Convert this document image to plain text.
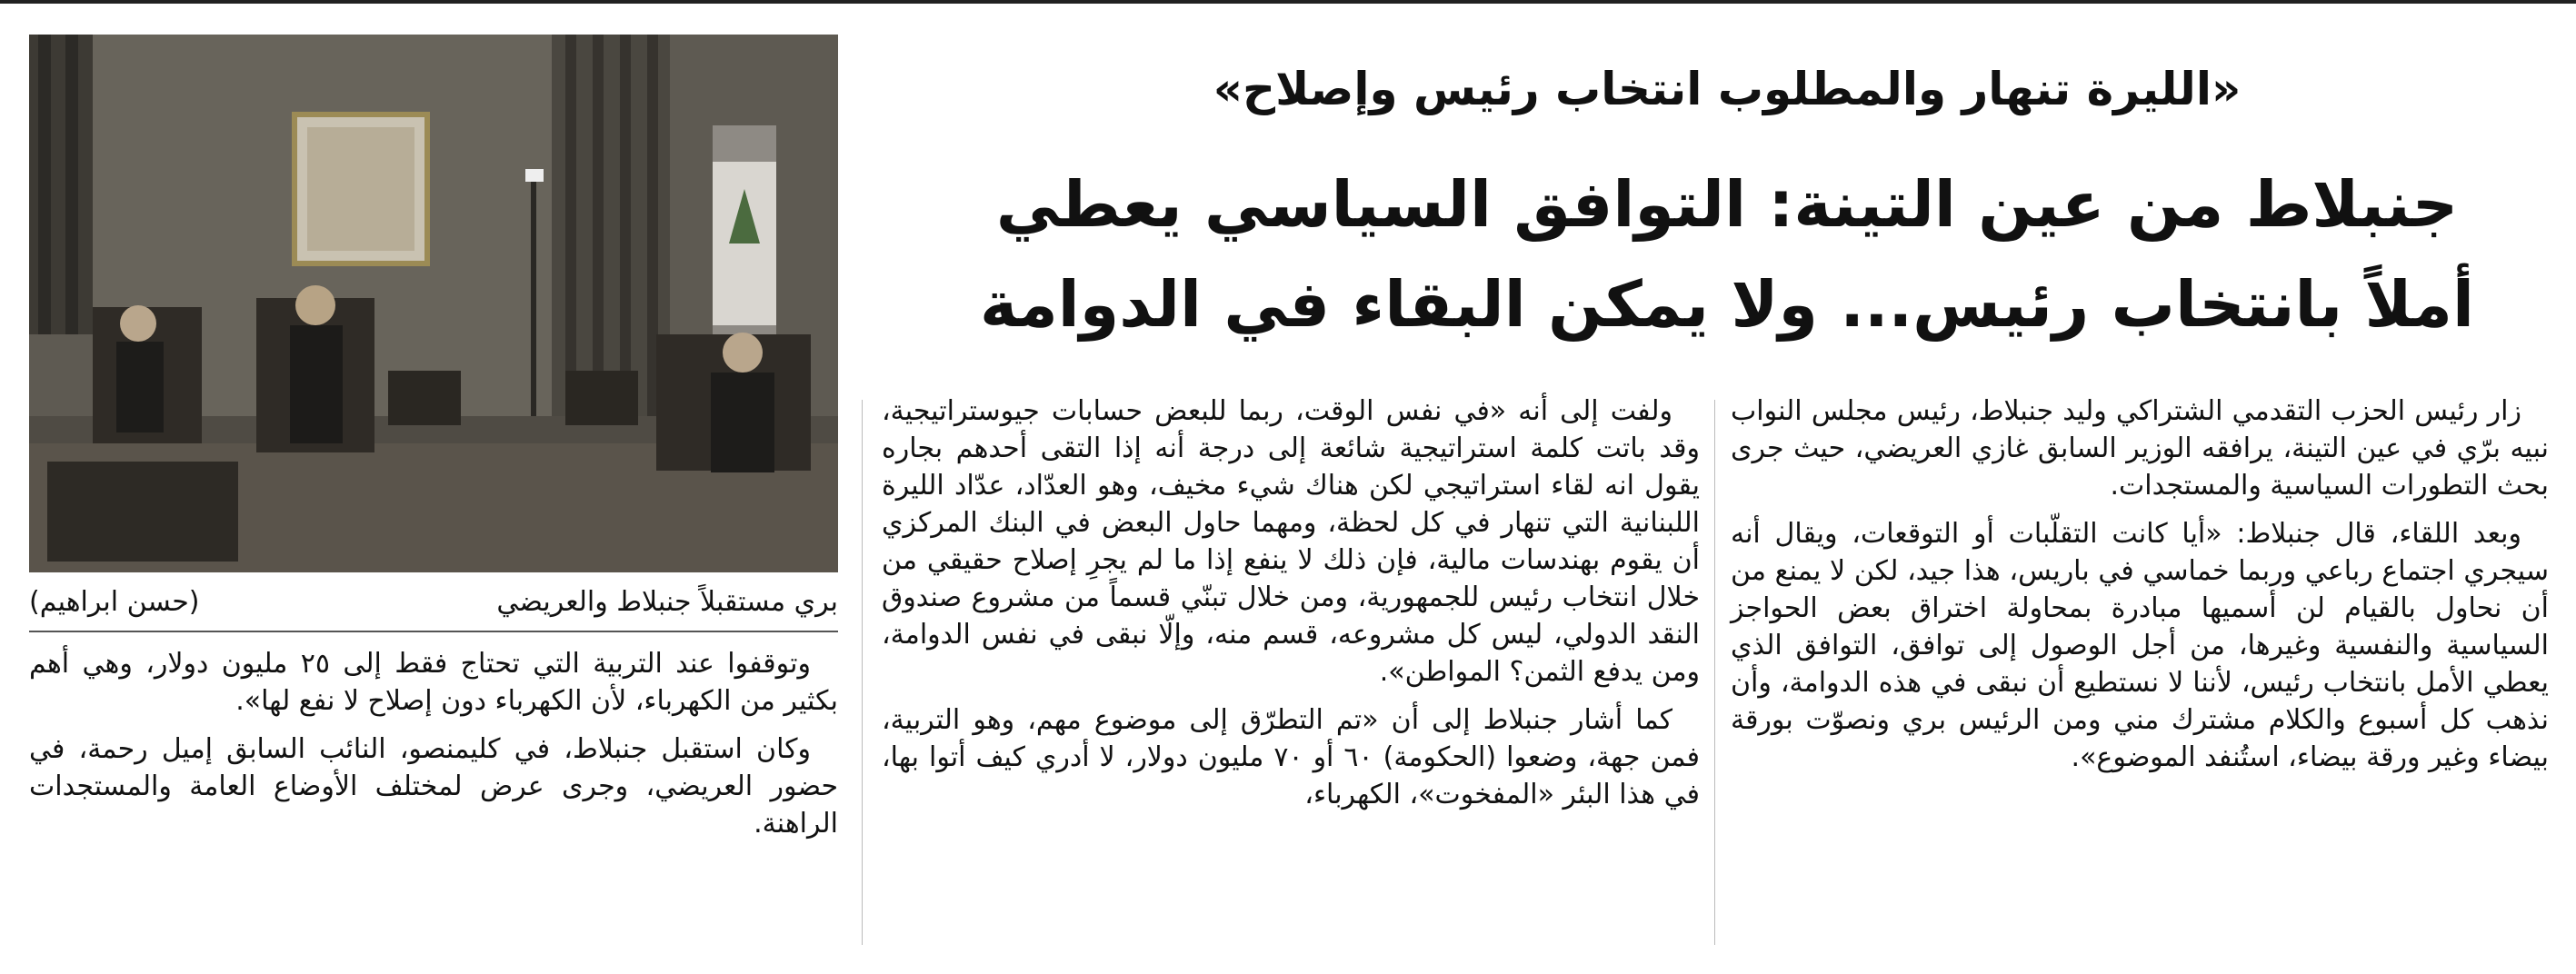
بري مستقبلاً جنبلاط والعريضي
(حسن ابراهيم)
«الليرة تنهار والمطلوب انتخاب رئيس وإصلاح»
جنبلاط من عين التينة: التوافق السياسي يعطي
أملاً بانتخاب رئيس... ولا يمكن البقاء في الدوامة

زار رئيس الحزب التقدمي الشتراكي وليد جنبلاط، رئيس مجلس النواب نبيه برّي في عين التينة، يرافقه الوزير السابق غازي العريضي، حيث جرى بحث التطورات السياسية والمستجدات.

وبعد اللقاء، قال جنبلاط: «أيا كانت التقلّبات أو التوقعات، ويقال أنه سيجري اجتماع رباعي وربما خماسي في باريس، هذا جيد، لكن لا يمنع من أن نحاول بالقيام لن أسميها مبادرة بمحاولة اختراق بعض الحواجز السياسية والنفسية وغيرها، من أجل الوصول إلى توافق، التوافق الذي يعطي الأمل بانتخاب رئيس، لأننا لا نستطيع أن نبقى في هذه الدوامة، وأن نذهب كل أسبوع والكلام مشترك مني ومن الرئيس بري ونصوّت بورقة بيضاء وغير ورقة بيضاء، استُنفد الموضوع».

ولفت إلى أنه «في نفس الوقت، ربما للبعض حسابات جيوستراتيجية، وقد باتت كلمة استراتيجية شائعة إلى درجة أنه إذا التقى أحدهم بجاره يقول انه لقاء استراتيجي لكن هناك شيء مخيف، وهو العدّاد، عدّاد الليرة اللبنانية التي تنهار في كل لحظة، ومهما حاول البعض في البنك المركزي أن يقوم بهندسات مالية، فإن ذلك لا ينفع إذا ما لم يجرِ إصلاح حقيقي من خلال انتخاب رئيس للجمهورية، ومن خلال تبنّي قسماً من مشروع صندوق النقد الدولي، ليس كل مشروعه، قسم منه، وإلّا نبقى في نفس الدوامة، ومن يدفع الثمن؟ المواطن».

كما أشار جنبلاط إلى أن «تم التطرّق إلى موضوع مهم، وهو التربية، فمن جهة، وضعوا (الحكومة) ٦٠ أو ٧٠ مليون دولار، لا أدري كيف أتوا بها، في هذا البئر «المفخوت»، الكهرباء،

وتوقفوا عند التربية التي تحتاج فقط إلى ٢٥ مليون دولار، وهي أهم بكثير من الكهرباء، لأن الكهرباء دون إصلاح لا نفع لها».

وكان استقبل جنبلاط، في كليمنصو، النائب السابق إميل رحمة، في حضور العريضي، وجرى عرض لمختلف الأوضاع العامة والمستجدات الراهنة.
